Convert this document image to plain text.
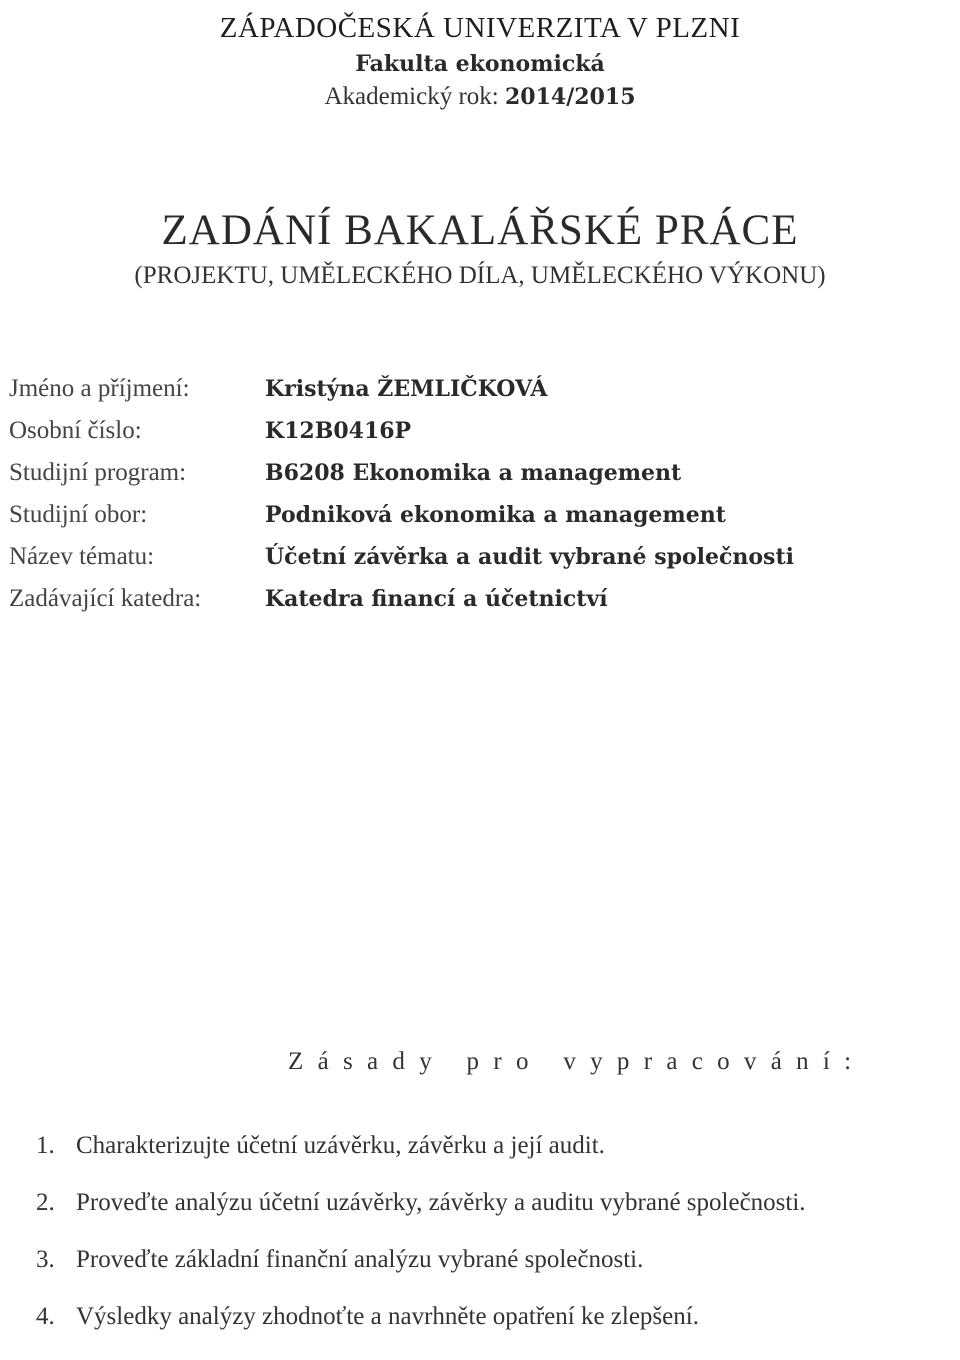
ZÁPADOČESKÁ UNIVERZITA V PLZNI
Fakulta ekonomická
Akademický rok: 2014/2015
ZADÁNÍ BAKALÁŘSKÉ PRÁCE
(PROJEKTU, UMĚLECKÉHO DÍLA, UMĚLECKÉHO VÝKONU)
Jméno a příjmení:	Kristýna ŽEMLIČKOVÁ
Osobní číslo:	K12B0416P
Studijní program:	B6208 Ekonomika a management
Studijní obor:	Podniková ekonomika a management
Název tématu:	Účetní závěrka a audit vybrané společnosti
Zadávající katedra:	Katedra financí a účetnictví
Zásady pro vypracování:
1. Charakterizujte účetní uzávěrku, závěrku a její audit.
2. Proveďte analýzu účetní uzávěrky, závěrky a auditu vybrané společnosti.
3. Proveďte základní finanční analýzu vybrané společnosti.
4. Výsledky analýzy zhodnoťte a navrhněte opatření ke zlepšení.
